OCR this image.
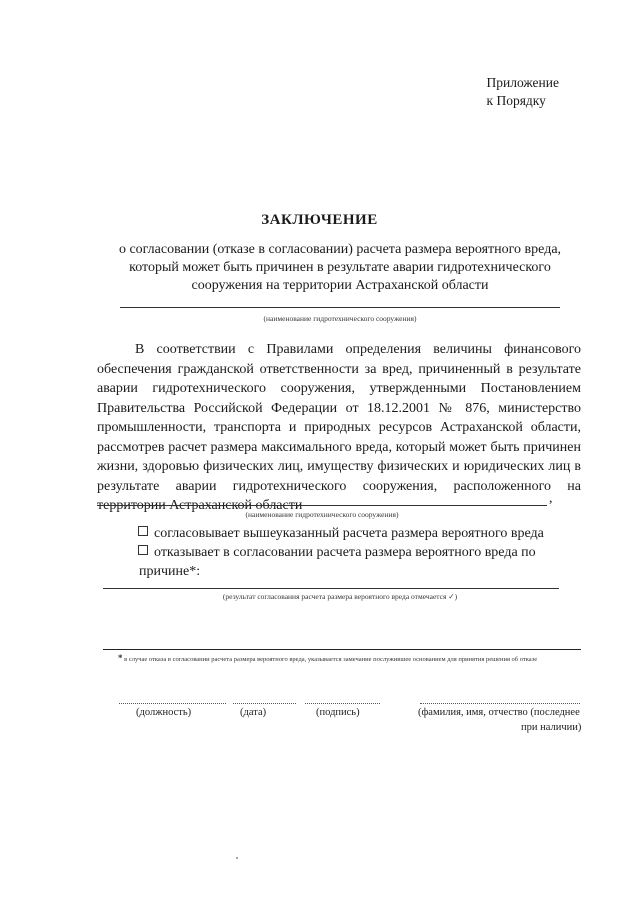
Приложение
к Порядку
ЗАКЛЮЧЕНИЕ
о согласовании (отказе в согласовании) расчета размера вероятного вреда,
который может быть причинен в результате аварии гидротехнического
сооружения на территории Астраханской области
(наименование гидротехнического сооружения)
В соответствии с Правилами определения величины финансового обеспечения гражданской ответственности за вред, причиненный в результате аварии гидротехнического сооружения, утвержденными Постановлением Правительства Российской Федерации от 18.12.2001 № 876, министерство промышленности, транспорта и природных ресурсов Астраханской области, рассмотрев расчет размера максимального вреда, который может быть причинен жизни, здоровью физических лиц, имуществу физических и юридических лиц в результате аварии гидротехнического сооружения, расположенного на территории Астраханской области	,
(наименование гидротехнического сооружения)
согласовывает вышеуказанный расчета размера вероятного вреда
отказывает в согласовании расчета размера вероятного вреда по
причине*:
(результат согласования расчета размера вероятного вреда отмечается ✓)
* в случае отказа в согласовании расчета размера вероятного вреда, указывается замечание послужившее основанием для принятия решения об отказе
(должность)	(дата)	(подпись)	(фамилия, имя, отчество (последнее
при наличии)
